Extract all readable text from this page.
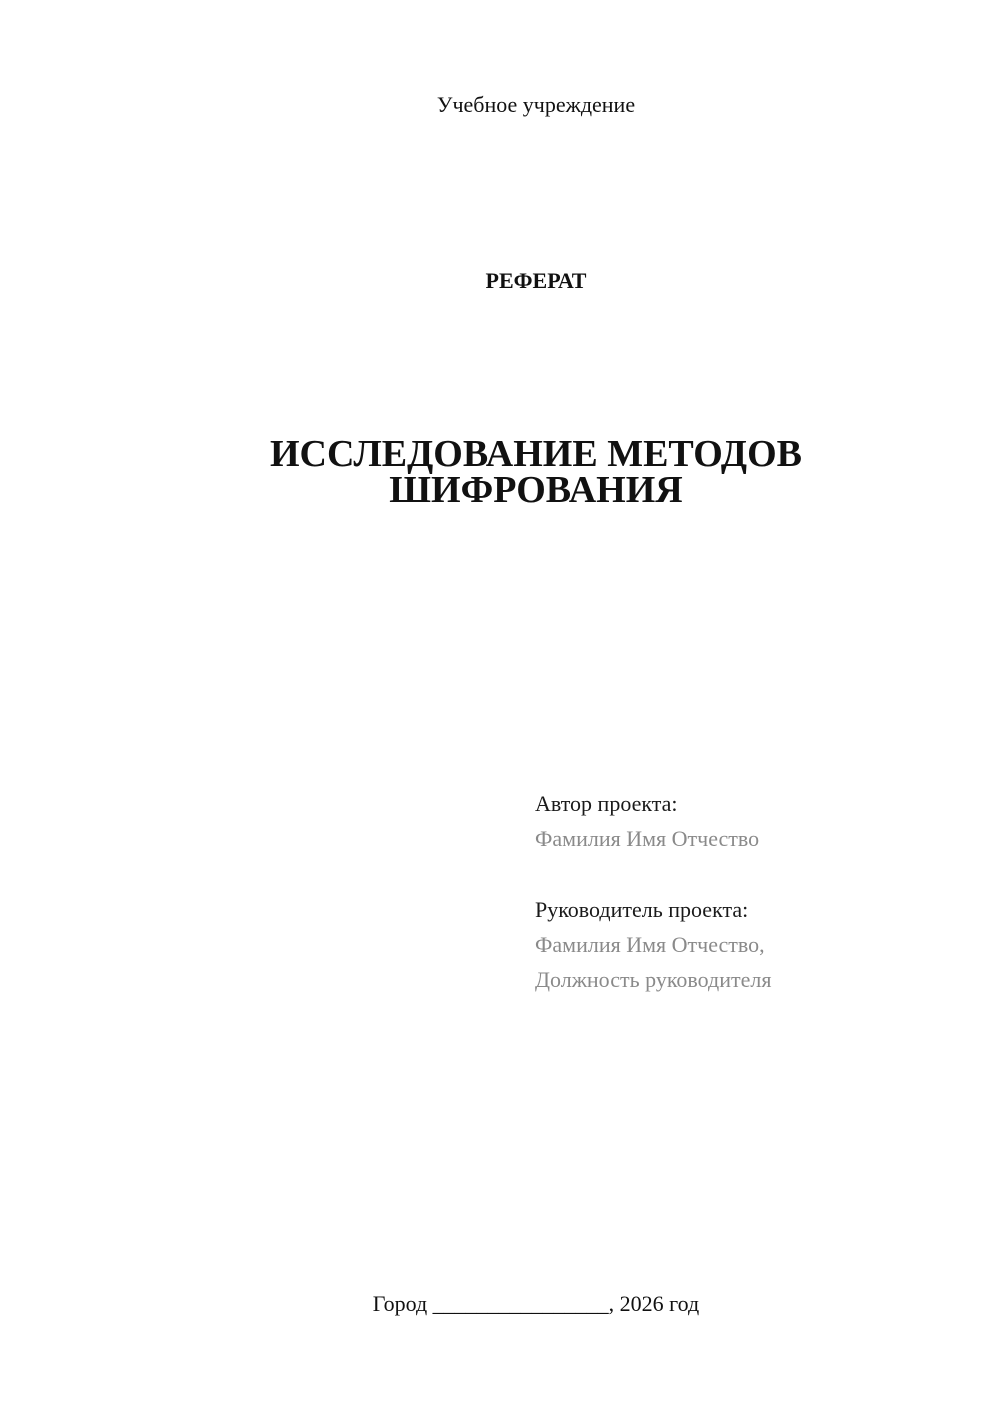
Учебное учреждение
РЕФЕРАТ
ИССЛЕДОВАНИЕ МЕТОДОВ
ШИФРОВАНИЯ
Автор проекта:
Фамилия Имя Отчество
Руководитель проекта:
Фамилия Имя Отчество,
Должность руководителя
Город ________________, 2026 год
